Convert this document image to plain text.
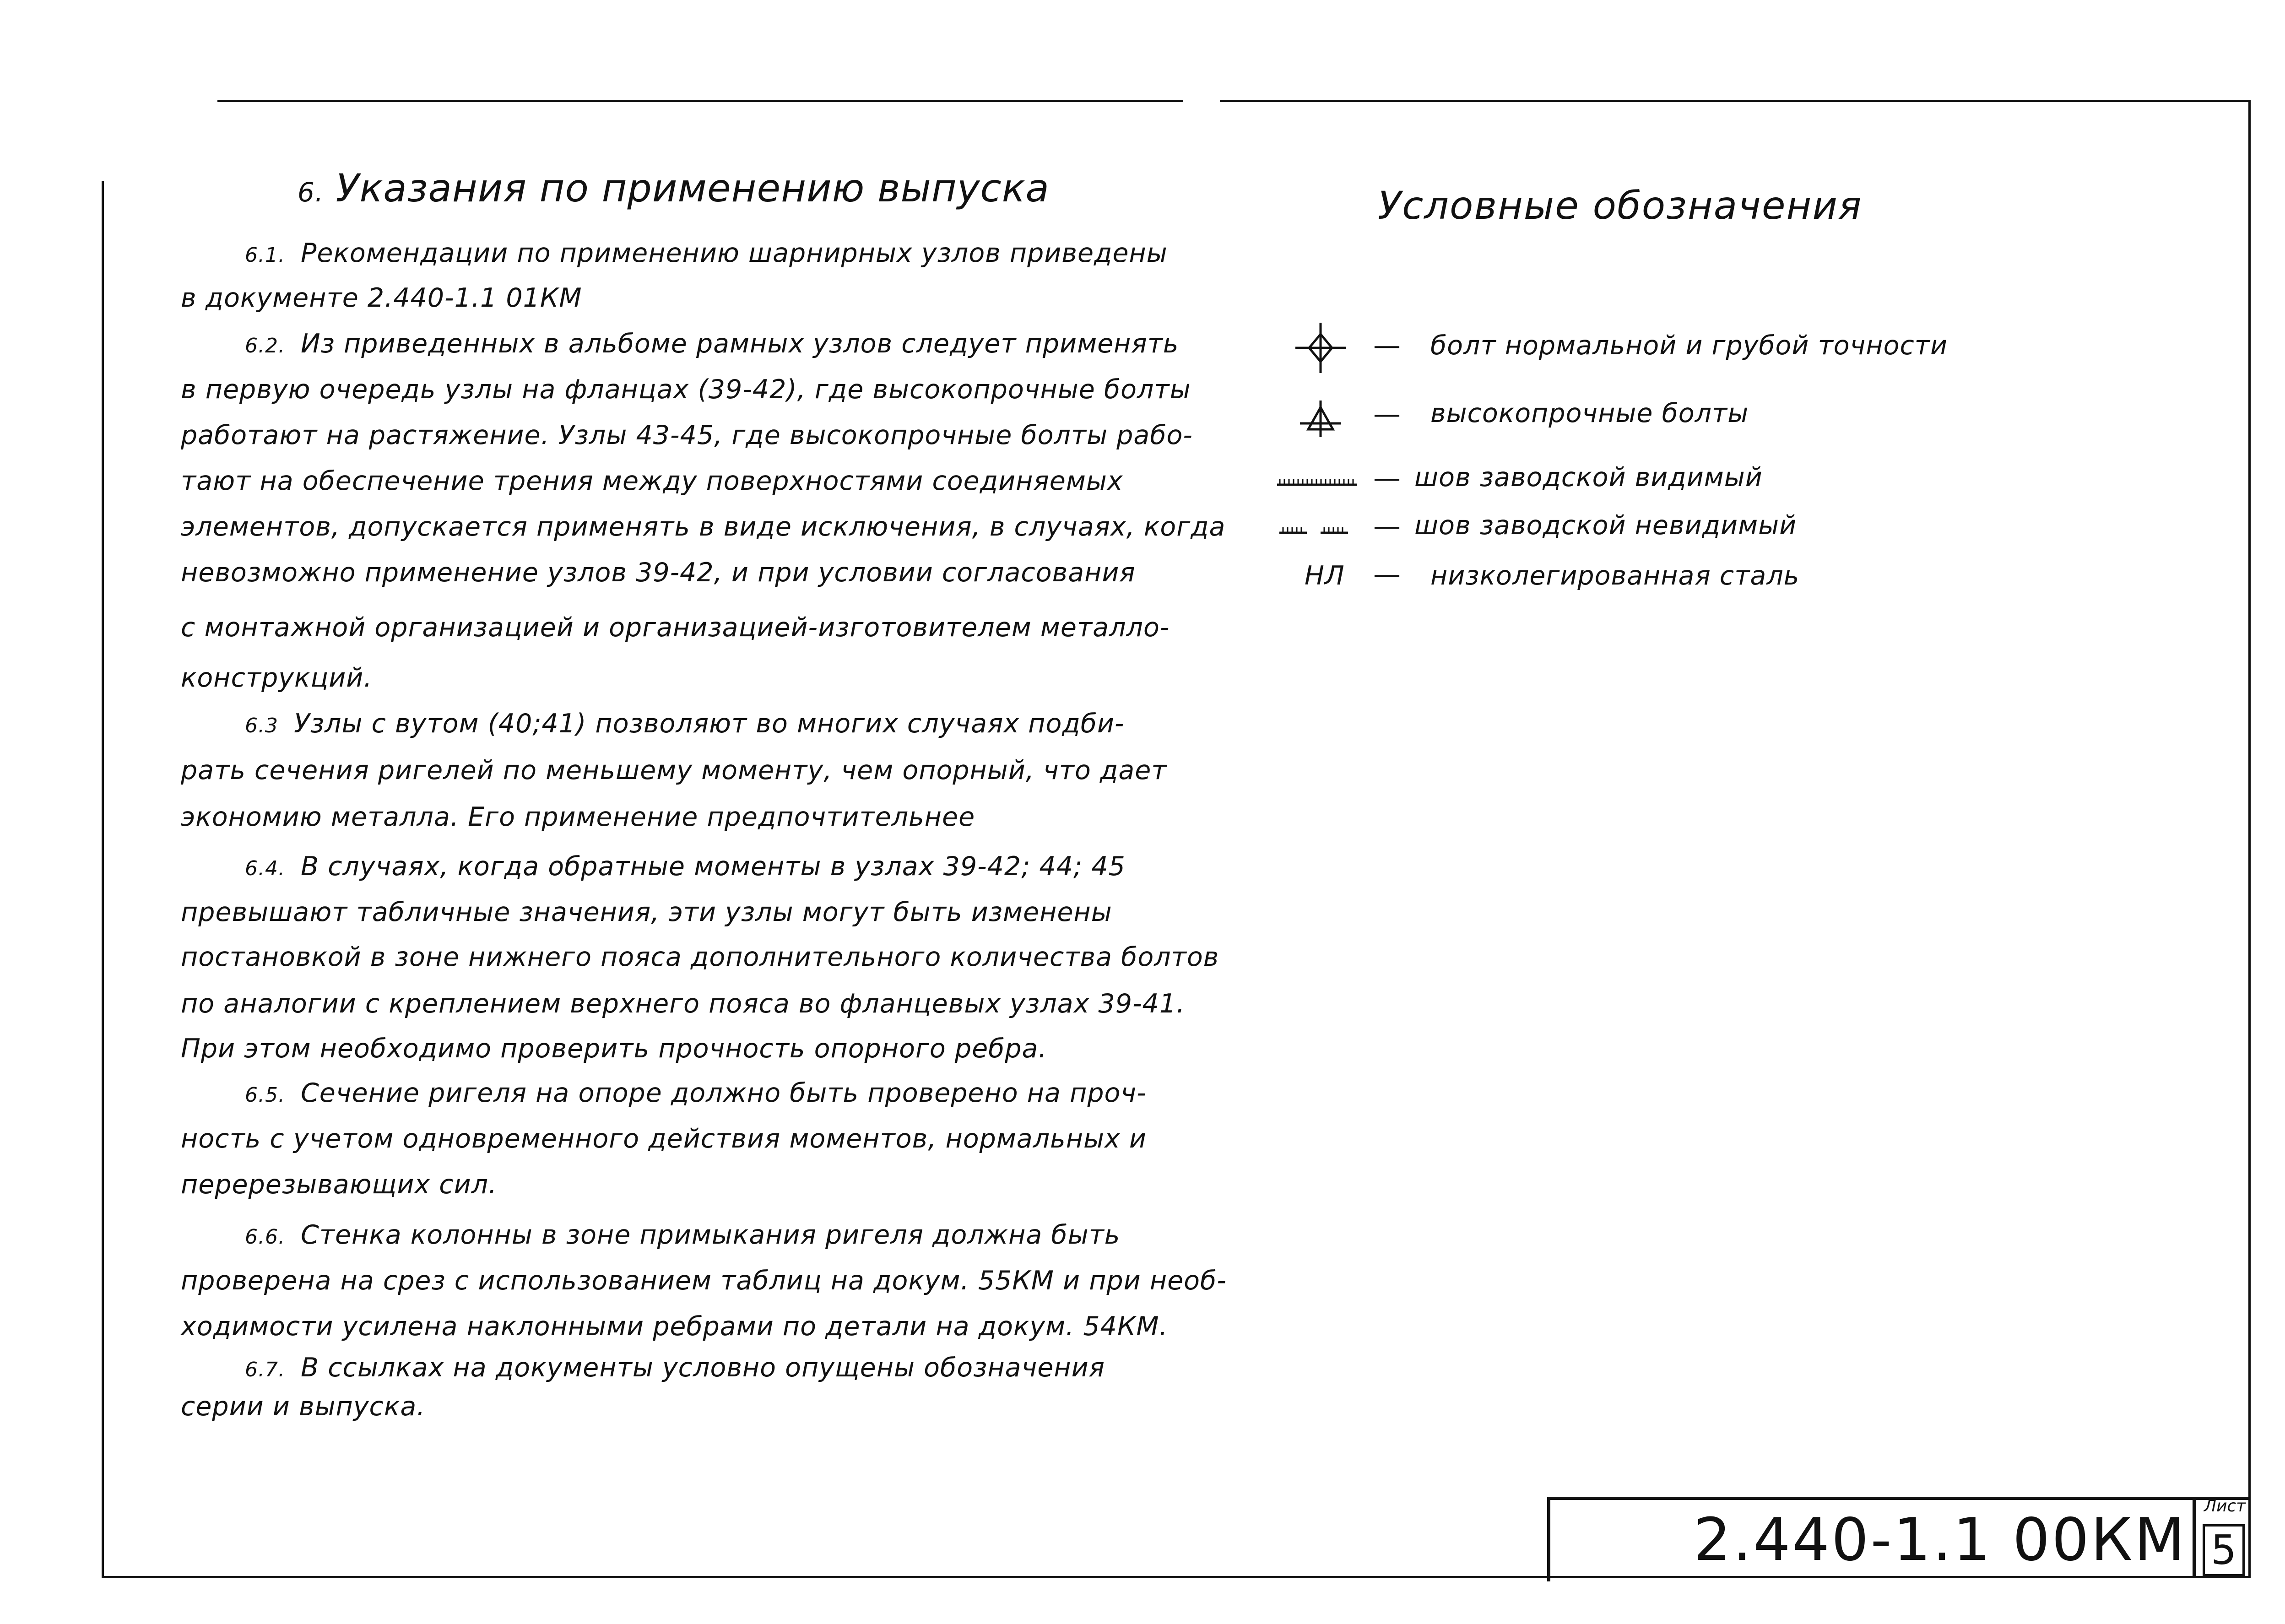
6. Указания по применению выпуска
6.1. Рекомендации по применению шарнирных узлов приведены
в документе 2.440-1.1 01КМ
6.2. Из приведенных в альбоме рамных узлов следует применять
в первую очередь узлы на фланцах (39-42), где высокопрочные болты
работают на растяжение. Узлы 43-45, где высокопрочные болты рабо-
тают на обеспечение трения между поверхностями соединяемых
элементов, допускается применять в виде исключения, в случаях, когда
невозможно применение узлов 39-42, и при условии согласования
с монтажной организацией и организацией-изготовителем металло-
конструкций.
6.3 Узлы с вутом (40;41) позволяют во многих случаях подби-
рать сечения ригелей по меньшему моменту, чем опорный, что дает
экономию металла. Его применение предпочтительнее
6.4. В случаях, когда обратные моменты в узлах 39-42; 44; 45
превышают табличные значения, эти узлы могут быть изменены
постановкой в зоне нижнего пояса дополнительного количества болтов
по аналогии с креплением верхнего пояса во фланцевых узлах 39-41.
При этом необходимо проверить прочность опорного ребра.
6.5. Сечение ригеля на опоре должно быть проверено на проч-
ность с учетом одновременного действия моментов, нормальных и
перерезывающих сил.
6.6. Стенка колонны в зоне примыкания ригеля должна быть
проверена на срез с использованием таблиц на докум. 55КМ и при необ-
ходимости усилена наклонными ребрами по детали на докум. 54КМ.
6.7. В ссылках на документы условно опущены обозначения
серии и выпуска.
Условные обозначения
— болт нормальной и грубой точности
— высокопрочные болты
— шов заводской видимый
— шов заводской невидимый
НЛ — низколегированная сталь
2.440-1.1 00КМ Лист
5
